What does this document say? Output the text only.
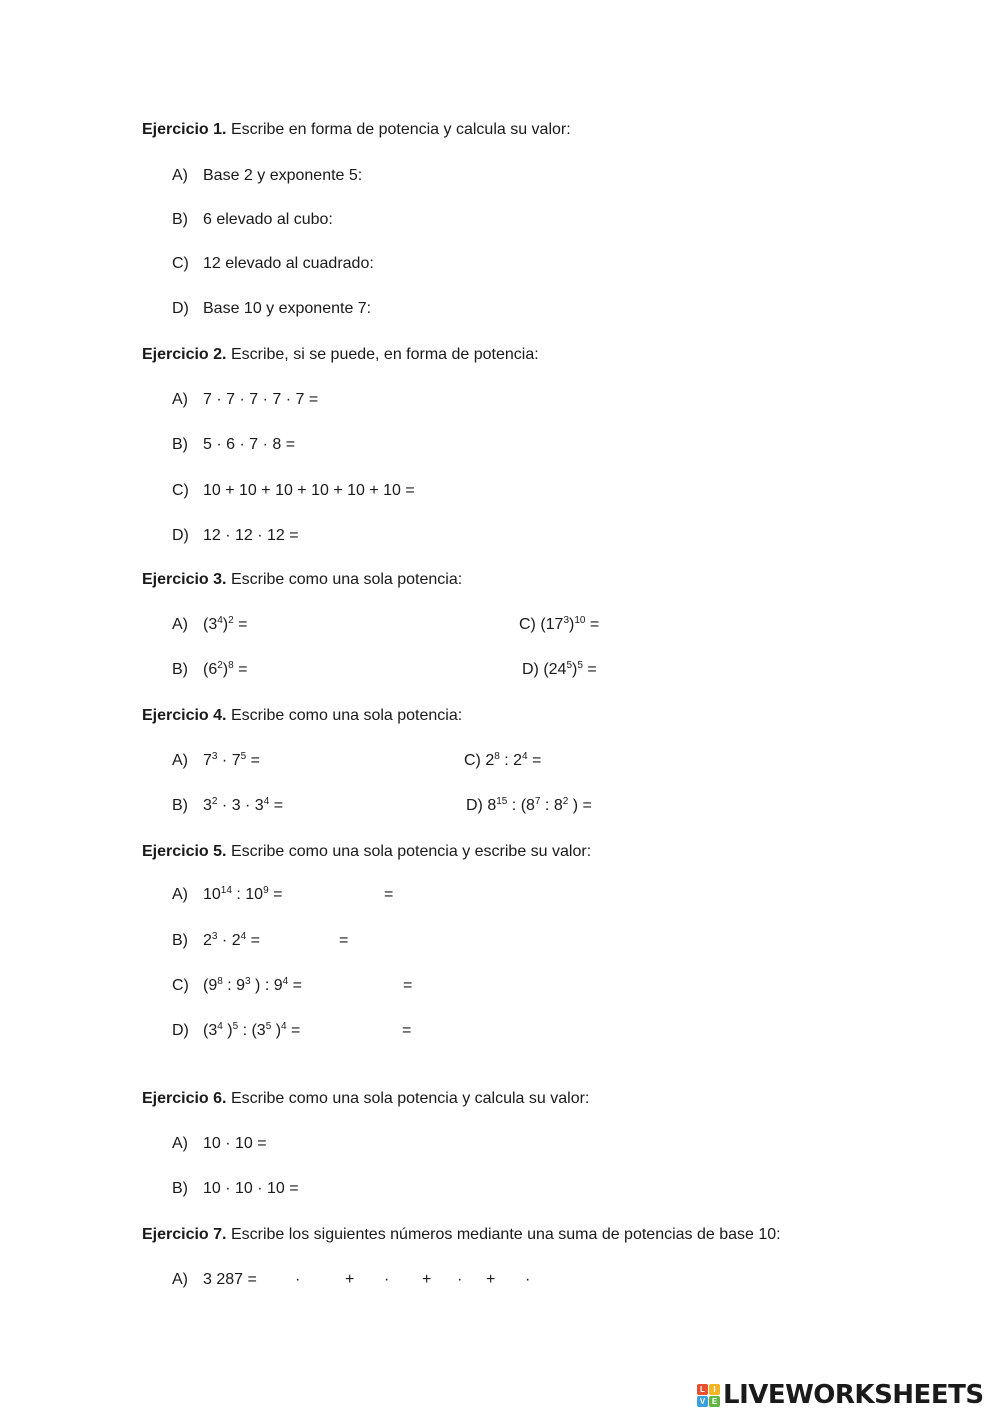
Ejercicio 1. Escribe en forma de potencia y calcula su valor:
A) Base 2 y exponente 5:
B) 6 elevado al cubo:
C) 12 elevado al cuadrado:
D) Base 10 y exponente 7:
Ejercicio 2. Escribe, si se puede, en forma de potencia:
A) 7 · 7 · 7 · 7 · 7 =
B) 5 · 6 · 7 · 8 =
C) 10 + 10 + 10 + 10 + 10 + 10 =
D) 12 · 12 · 12 =
Ejercicio 3. Escribe como una sola potencia:
A) $(3^4)^2$ =	C) $(17^3)^{10}$ =
B) $(6^2)^8$ =	D) $(24^5)^5$ =
Ejercicio 4. Escribe como una sola potencia:
A) $7^3 \cdot 7^5$ =	C) $2^8$ : $2^4$ =
B) $3^2 \cdot 3 \cdot 3^4$ =	D) $8^{15}$ : ($8^7$ : $8^2$ ) =
Ejercicio 5. Escribe como una sola potencia y escribe su valor:
A) $10^{14}$ : $10^9$ =	=
B) $2^3 \cdot 2^4$ =	=
C) ($9^8$ : $9^3$ ) : $9^4$ =	=
D) ($3^4$ )$^5$ : ($3^5$ )$^4$ =	=
Ejercicio 6. Escribe como una sola potencia y calcula su valor:
A) 10 · 10 =
B) 10 · 10 · 10 =
Ejercicio 7. Escribe los siguientes números mediante una suma de potencias de base 10:
A) 3 287 = ·	+ · + · + ·
L	I
V E LIVEWORKSHEETS
